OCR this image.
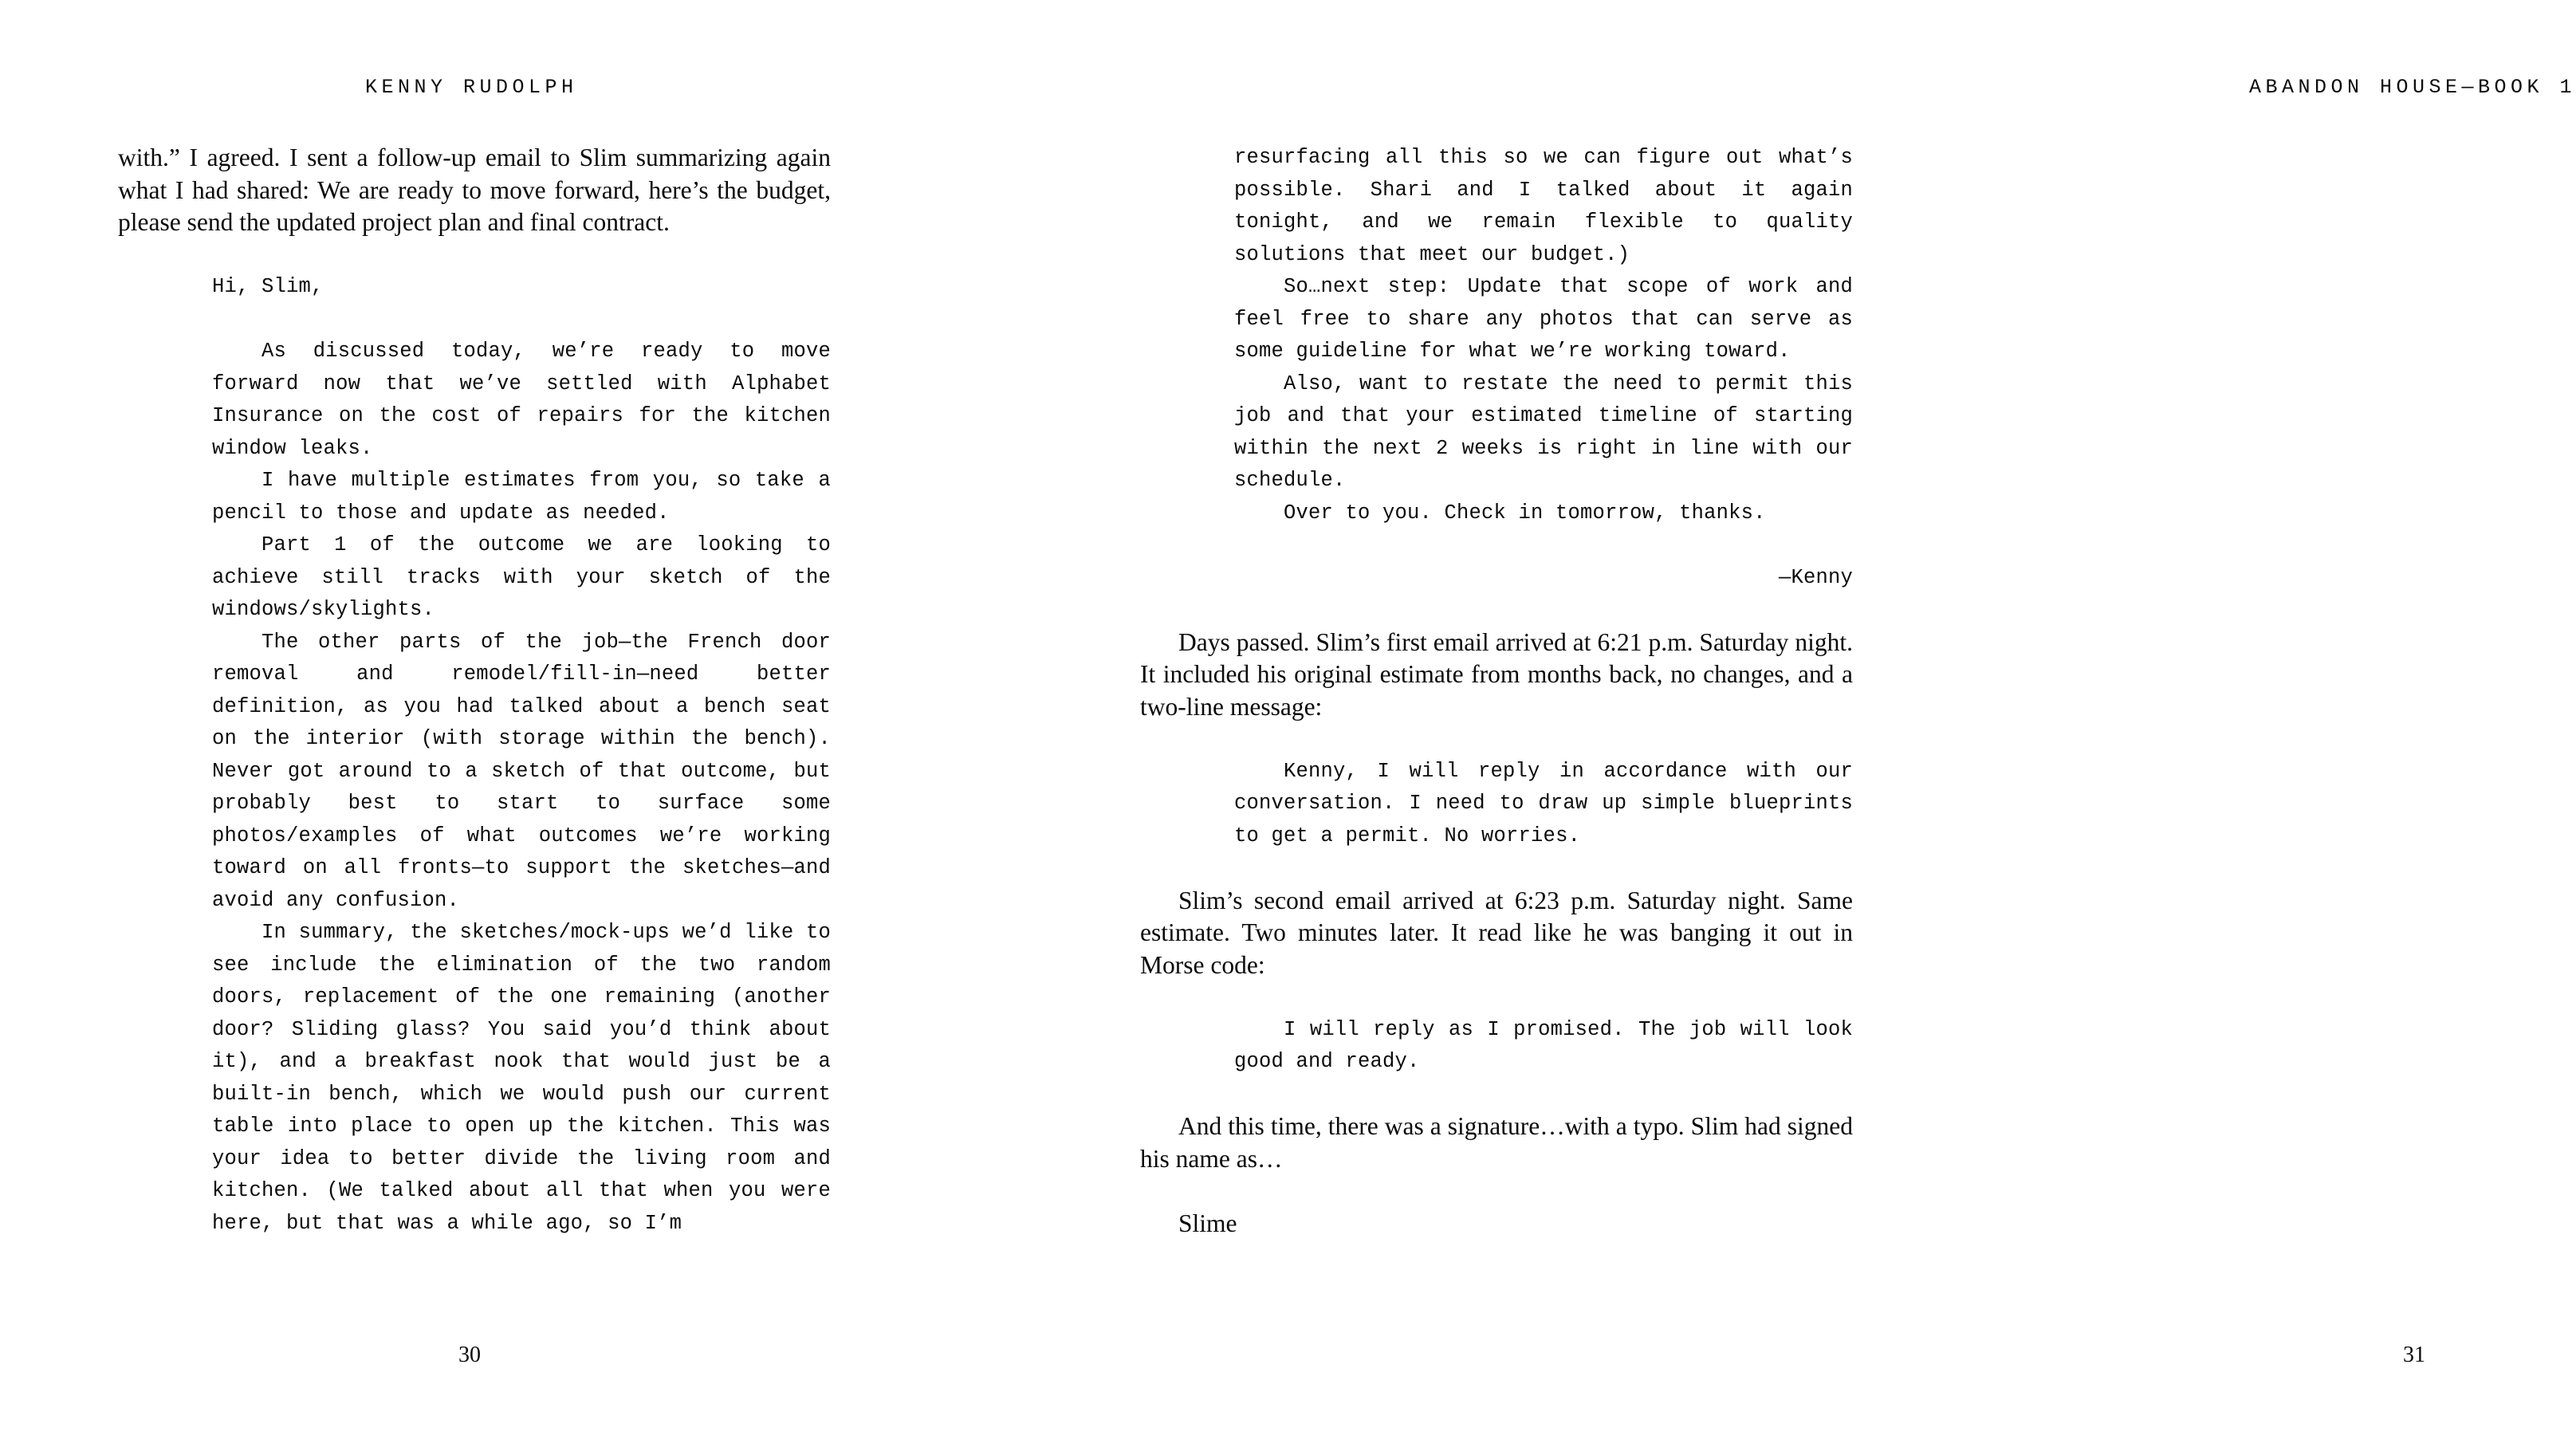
KENNY RUDOLPH

with.” I agreed. I sent a follow-up email to Slim summarizing again what I had shared: We are ready to move forward, here’s the budget, please send the updated project plan and final contract.

Hi, Slim,

As discussed today, we’re ready to move forward now that we’ve settled with Alphabet Insurance on the cost of repairs for the kitchen window leaks.

I have multiple estimates from you, so take a pencil to those and update as needed.

Part 1 of the outcome we are looking to achieve still tracks with your sketch of the windows/skylights.

The other parts of the job—the French door removal and remodel/fill-in—need better definition, as you had talked about a bench seat on the interior (with storage within the bench). Never got around to a sketch of that outcome, but probably best to start to surface some photos/examples of what outcomes we’re working toward on all fronts—to support the sketches—and avoid any confusion.

In summary, the sketches/mock-ups we’d like to see include the elimination of the two random doors, replacement of the one remaining (another door? Sliding glass? You said you’d think about it), and a breakfast nook that would just be a built-in bench, which we would push our current table into place to open up the kitchen. This was your idea to better divide the living room and kitchen. (We talked about all that when you were here, but that was a while ago, so I’m

30
ABANDON HOUSE—BOOK 1

resurfacing all this so we can figure out what’s possible. Shari and I talked about it again tonight, and we remain flexible to quality solutions that meet our budget.)

So…next step: Update that scope of work and feel free to share any photos that can serve as some guideline for what we’re working toward.

Also, want to restate the need to permit this job and that your estimated timeline of starting within the next 2 weeks is right in line with our schedule.

Over to you. Check in tomorrow, thanks.

—Kenny

Days passed. Slim’s first email arrived at 6:21 p.m. Saturday night. It included his original estimate from months back, no changes, and a two-line message:

Kenny, I will reply in accordance with our conversation. I need to draw up simple blueprints to get a permit. No worries.

Slim’s second email arrived at 6:23 p.m. Saturday night. Same estimate. Two minutes later. It read like he was banging it out in Morse code:

I will reply as I promised. The job will look good and ready.

And this time, there was a signature…with a typo. Slim had signed his name as…

Slime

31
